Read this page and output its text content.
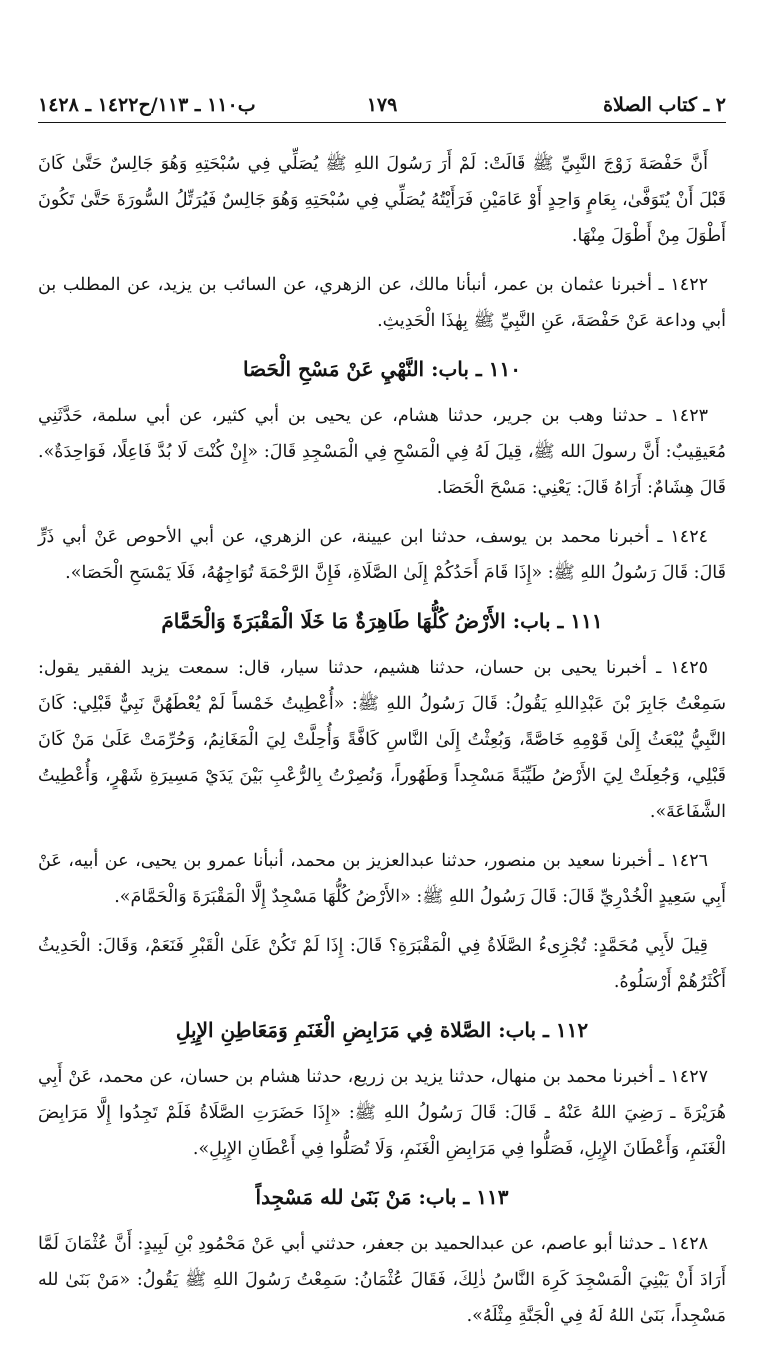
٢ ـ كتاب الصلاة
١٧٩
ب١١٠ ـ ١١٣/ح١٤٢٢ ـ ١٤٢٨

أَنَّ حَفْصَةَ زَوْجَ النَّبِيِّ ﷺ قَالَتْ: لَمْ أَرَ رَسُولَ اللهِ ﷺ يُصَلِّي فِي سُبْحَتِهِ وَهُوَ جَالِسٌ حَتَّىٰ كَانَ قَبْلَ أَنْ يُتَوَفَّىٰ، بِعَامٍ وَاحِدٍ أَوْ عَامَيْنِ فَرَأَيْتُهُ يُصَلِّي فِي سُبْحَتِهِ وَهُوَ جَالِسٌ فَيُرَتِّلُ السُّورَةَ حَتَّىٰ تَكُونَ أَطْوَلَ مِنْ أَطْوَلَ مِنْهَا.

١٤٢٢ ـ أخبرنا عثمان بن عمر، أنبأنا مالك، عن الزهري، عن السائب بن يزيد، عن المطلب بن أبي وداعة عَنْ حَفْصَةَ، عَنِ النَّبِيِّ ﷺ بِهٰذَا الْحَدِيثِ.

١١٠ ـ باب: النَّهْيِ عَنْ مَسْحِ الْحَصَا

١٤٢٣ ـ حدثنا وهب بن جرير، حدثنا هشام، عن يحيى بن أبي كثير، عن أبي سلمة، حَدَّثَنِي مُعَيقِيبٌ: أَنَّ رسولَ الله ﷺ، قِيلَ لَهُ فِي الْمَسْحِ فِي الْمَسْجِدِ قَالَ: «إِنْ كُنْتَ لَا بُدَّ فَاعِلًا، فَوَاحِدَةٌ». قَالَ هِشَامٌ: أَرَاهُ قَالَ: يَعْنِي: مَسْحَ الْحَصَا.

١٤٢٤ ـ أخبرنا محمد بن يوسف، حدثنا ابن عيينة، عن الزهري، عن أبي الأحوص عَنْ أبي ذَرٍّ قَالَ: قَالَ رَسُولُ اللهِ ﷺ: «إِذَا قَامَ أَحَدُكُمْ إِلَىٰ الصَّلَاةِ، فَإِنَّ الرَّحْمَةَ تُوَاجِهُهُ، فَلَا يَمْسَحِ الْحَصَا».

١١١ ـ باب: الأَرْضُ كُلُّهَا طَاهِرَةٌ مَا خَلَا الْمَقْبَرَةَ وَالْحَمَّامَ

١٤٢٥ ـ أخبرنا يحيى بن حسان، حدثنا هشيم، حدثنا سيار، قال: سمعت يزيد الفقير يقول: سَمِعْتُ جَابِرَ بْنَ عَبْدِاللهِ يَقُولُ: قَالَ رَسُولُ اللهِ ﷺ: «أُعْطِيتُ خَمْساً لَمْ يُعْطَهُنَّ نَبِيٌّ قَبْلِي: كَانَ النَّبِيُّ يُبْعَثُ إِلَىٰ قَوْمِهِ خَاصَّةً، وَبُعِثْتُ إِلَىٰ النَّاسِ كَافَّةً وَأُحِلَّتْ لِيَ الْمَغَانِمُ، وَحُرِّمَتْ عَلَىٰ مَنْ كَانَ قَبْلِي، وَجُعِلَتْ لِيَ الأَرْضُ طَيِّبَةً مَسْجِداً وَطَهُوراً، وَنُصِرْتُ بِالرُّعْبِ بَيْنَ يَدَيْ مَسِيرَةِ شَهْرٍ، وَأُعْطِيتُ الشَّفَاعَةَ».

١٤٢٦ ـ أخبرنا سعيد بن منصور، حدثنا عبدالعزيز بن محمد، أنبأنا عمرو بن يحيى، عن أبيه، عَنْ أَبِي سَعِيدٍ الْخُدْرِيِّ قَالَ: قَالَ رَسُولُ اللهِ ﷺ: «الأَرْضُ كُلُّهَا مَسْجِدٌ إِلَّا الْمَقْبَرَةَ وَالْحَمَّامَ».

قِيلَ لأَبِي مُحَمَّدٍ: تُجْزِىءُ الصَّلَاةُ فِي الْمَقْبَرَةِ؟ قَالَ: إِذَا لَمْ تَكُنْ عَلَىٰ الْقَبْرِ فَنَعَمْ، وَقَالَ: الْحَدِيثُ أَكْثَرُهُمْ أَرْسَلُوهُ.

١١٢ ـ باب: الصَّلاة فِي مَرَابِضِ الْغَنَمِ وَمَعَاطِنِ الإِبِلِ

١٤٢٧ ـ أخبرنا محمد بن منهال، حدثنا يزيد بن زريع، حدثنا هشام بن حسان، عن محمد، عَنْ أَبِي هُرَيْرَةَ ـ رَضِيَ اللهُ عَنْهُ ـ قَالَ: قَالَ رَسُولُ اللهِ ﷺ: «إِذَا حَضَرَتِ الصَّلَاةُ فَلَمْ تَجِدُوا إِلَّا مَرَابِضَ الْغَنَمِ، وَأَعْطَانَ الإِبِلِ، فَصَلُّوا فِي مَرَابِضِ الْغَنَمِ، وَلَا تُصَلُّوا فِي أَعْطَانِ الإِبِلِ».

١١٣ ـ باب: مَنْ بَنَىٰ لله مَسْجِداً

١٤٢٨ ـ حدثنا أبو عاصم، عن عبدالحميد بن جعفر، حدثني أبي عَنْ مَحْمُودِ بْنِ لَبِيدٍ: أَنَّ عُثْمَانَ لَمَّا أَرَادَ أَنْ يَبْنِيَ الْمَسْجِدَ كَرِهَ النَّاسُ ذٰلِكَ، فَقَالَ عُثْمَانُ: سَمِعْتُ رَسُولَ اللهِ ﷺ يَقُولُ: «مَنْ بَنَىٰ لله مَسْجِداً، بَنَىٰ اللهُ لَهُ فِي الْجَنَّةِ مِثْلَهُ».
